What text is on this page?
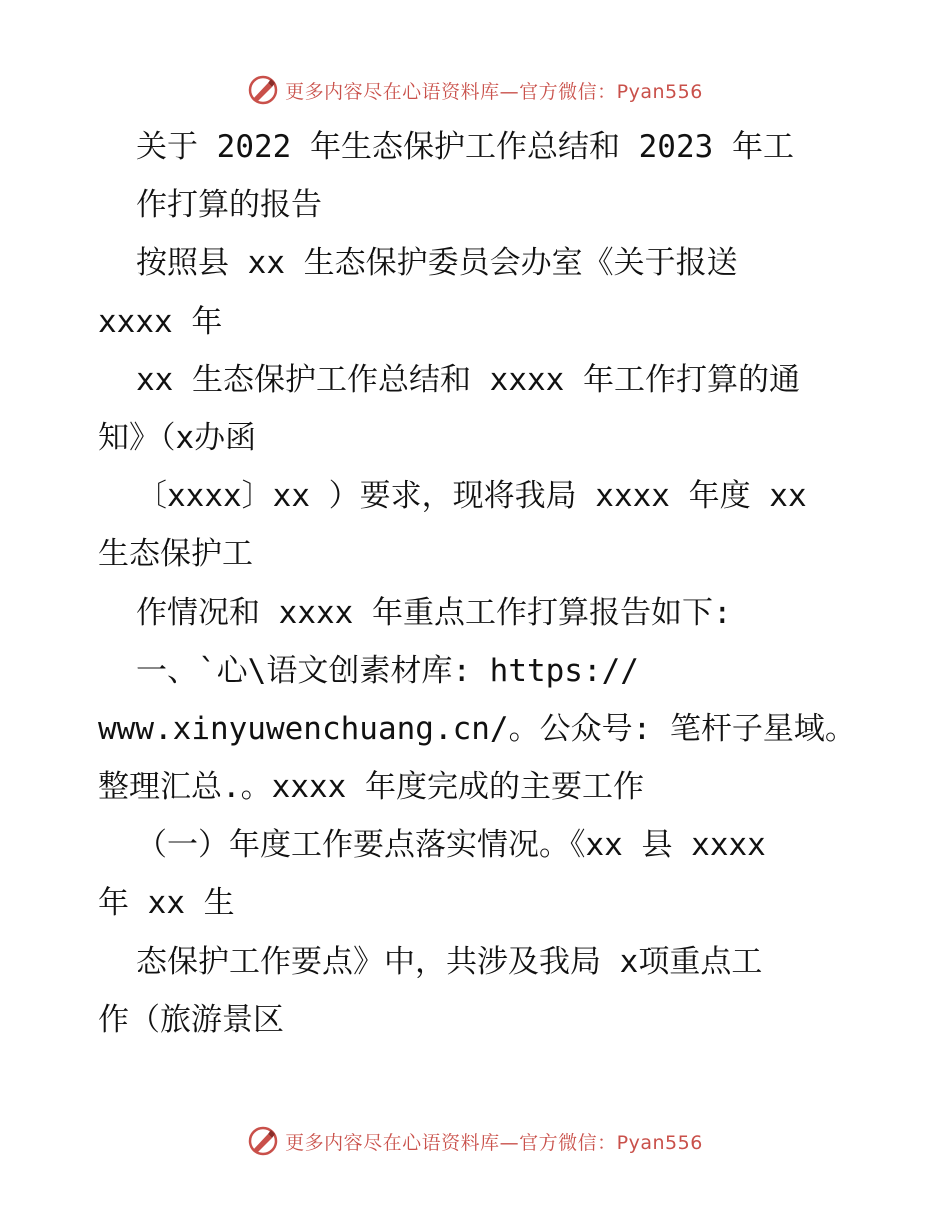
更多内容尽在心语资料库—官方微信：Pyan556
关于 2022 年生态保护工作总结和 2023 年工
作打算的报告
按照县 xx 生态保护委员会办室《关于报送
xxxx 年
xx 生态保护工作总结和 xxxx 年工作打算的通
知》（x办函
〔xxxx〕xx ）要求，现将我局 xxxx 年度 xx
生态保护工
作情况和 xxxx 年重点工作打算报告如下:
一、`心\语文创素材库: https://
www.xinyuwenchuang.cn/。公众号: 笔杆子星域。
整理汇总.。xxxx 年度完成的主要工作
（一）年度工作要点落实情况。《xx 县 xxxx
年 xx 生
态保护工作要点》中，共涉及我局 x项重点工
作（旅游景区
更多内容尽在心语资料库—官方微信：Pyan556
